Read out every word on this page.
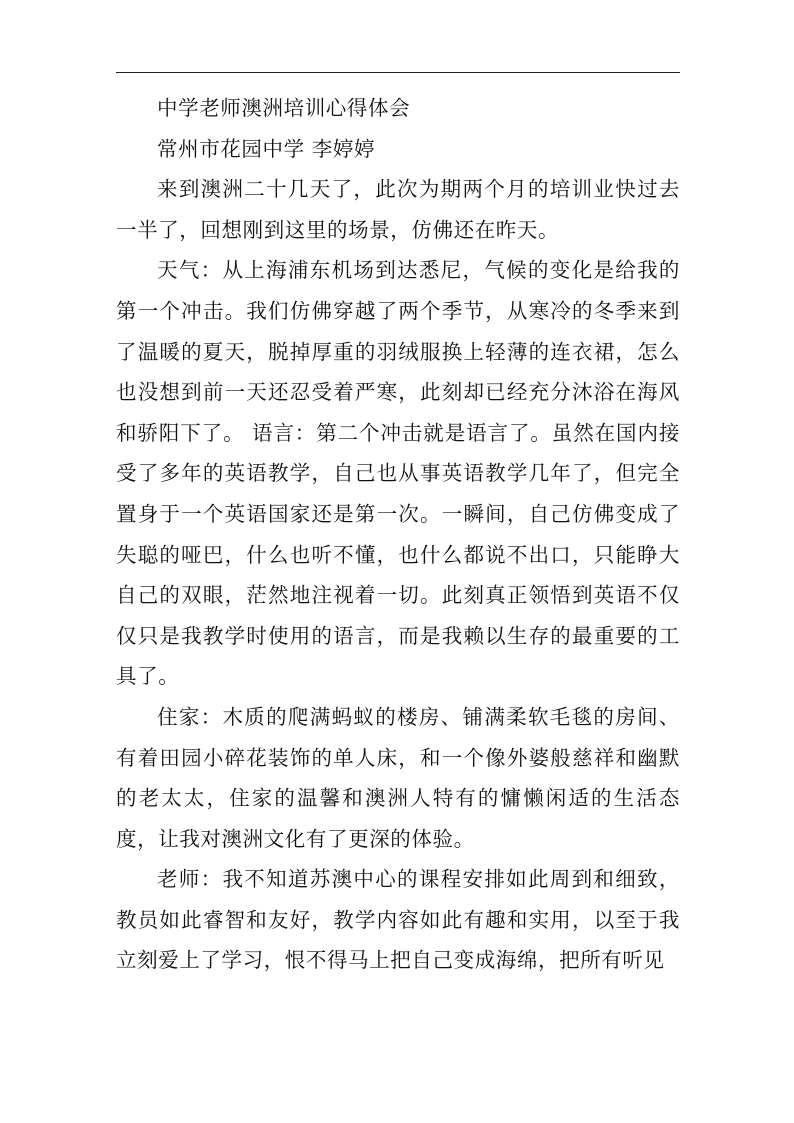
中学老师澳洲培训心得体会

常州市花园中学 李婷婷

来到澳洲二十几天了，此次为期两个月的培训业快过去一半了，回想刚到这里的场景，仿佛还在昨天。

天气：从上海浦东机场到达悉尼，气候的变化是给我的第一个冲击。我们仿佛穿越了两个季节，从寒冷的冬季来到了温暖的夏天，脱掉厚重的羽绒服换上轻薄的连衣裙，怎么也没想到前一天还忍受着严寒，此刻却已经充分沐浴在海风和骄阳下了。 语言：第二个冲击就是语言了。虽然在国内接受了多年的英语教学，自己也从事英语教学几年了，但完全置身于一个英语国家还是第一次。一瞬间，自己仿佛变成了失聪的哑巴，什么也听不懂，也什么都说不出口，只能睁大自己的双眼，茫然地注视着一切。此刻真正领悟到英语不仅仅只是我教学时使用的语言，而是我赖以生存的最重要的工具了。

住家：木质的爬满蚂蚁的楼房、铺满柔软毛毯的房间、有着田园小碎花装饰的单人床，和一个像外婆般慈祥和幽默的老太太，住家的温馨和澳洲人特有的慵懒闲适的生活态度，让我对澳洲文化有了更深的体验。

老师：我不知道苏澳中心的课程安排如此周到和细致，教员如此睿智和友好，教学内容如此有趣和实用，以至于我立刻爱上了学习，恨不得马上把自己变成海绵，把所有听见
